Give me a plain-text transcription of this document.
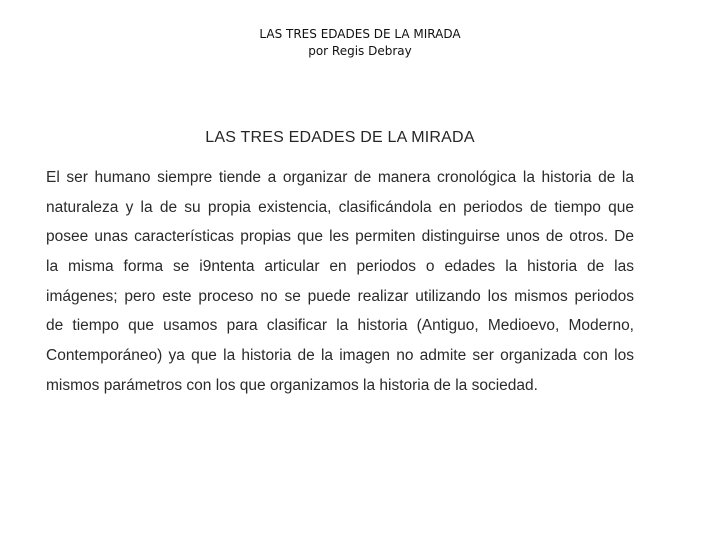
LAS TRES EDADES DE LA MIRADA
por Regis Debray
LAS TRES EDADES DE LA MIRADA
El ser humano siempre tiende a organizar de manera cronológica la historia de la
naturaleza y la de su propia existencia, clasificándola en periodos de tiempo que
posee unas características propias que les permiten distinguirse unos de otros. De
la misma forma se i9ntenta articular en periodos o edades la historia de las
imágenes; pero este proceso no se puede realizar utilizando los mismos periodos
de tiempo que usamos para clasificar la historia (Antiguo, Medioevo, Moderno,
Contemporáneo) ya que la historia de la imagen no admite ser organizada con los
mismos parámetros con los que organizamos la historia de la sociedad.
